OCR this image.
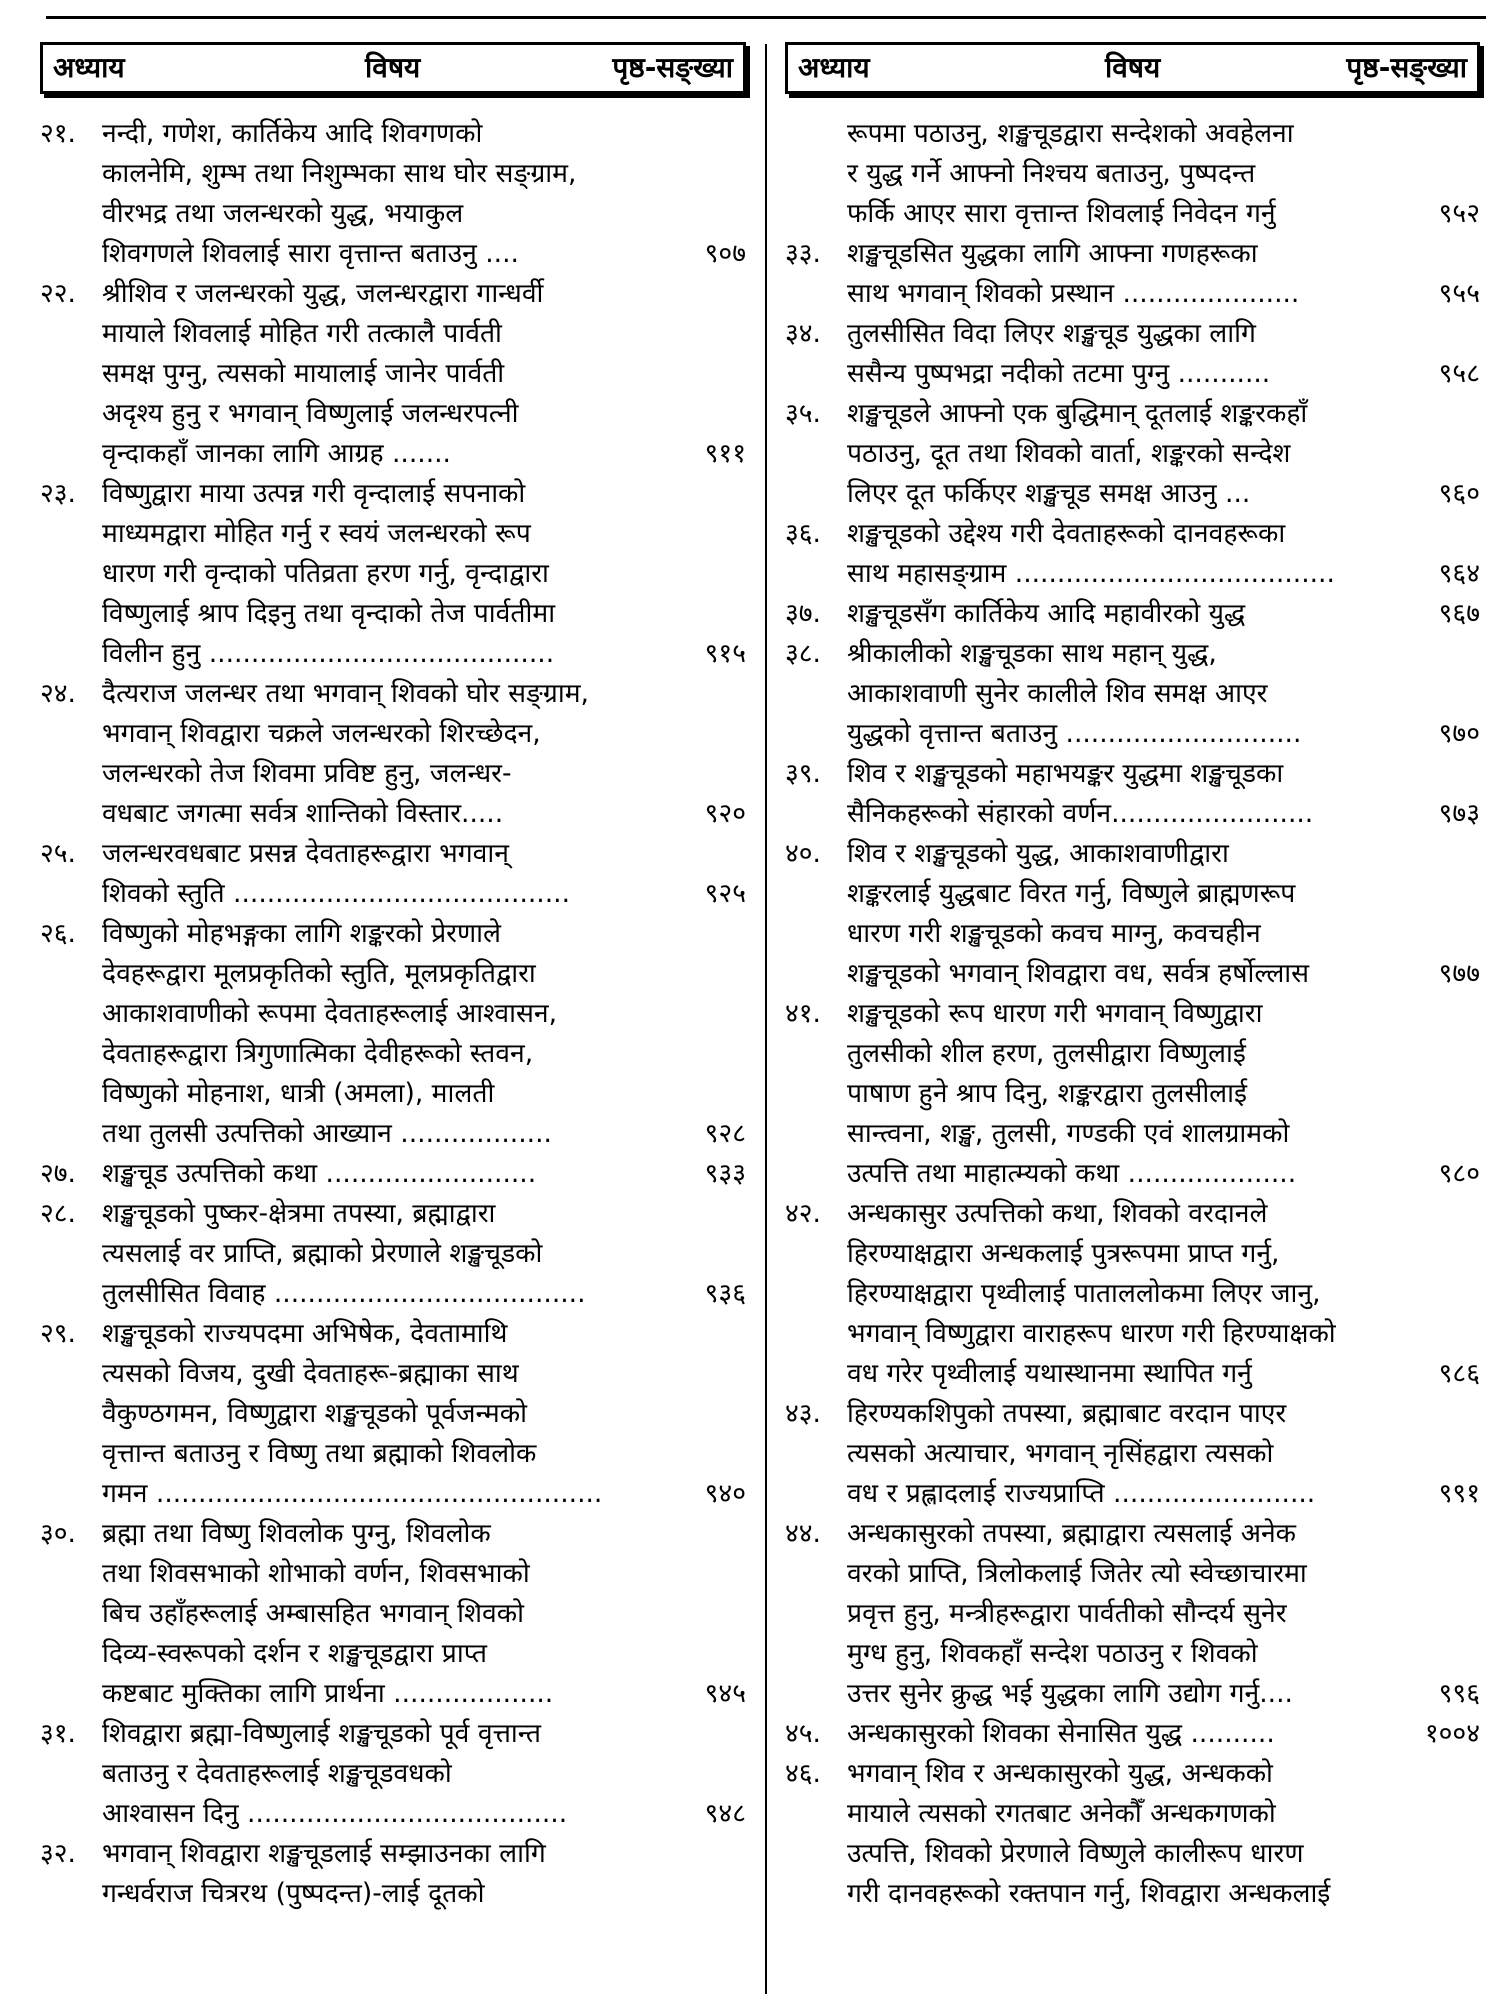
अध्याय	विषय	पृष्ठ-सङ्ख्या
२१. नन्दी, गणेश, कार्तिकेय आदि शिवगणको
कालनेमि, शुम्भ तथा निशुम्भका साथ घोर सङ्ग्राम,
वीरभद्र तथा जलन्धरको युद्ध, भयाकुल
शिवगणले शिवलाई सारा वृत्तान्त बताउनु ....	९०७
२२. श्रीशिव र जलन्धरको युद्ध, जलन्धरद्वारा गान्धर्वी
मायाले शिवलाई मोहित गरी तत्कालै पार्वती
समक्ष पुग्नु, त्यसको मायालाई जानेर पार्वती
अदृश्य हुनु र भगवान् विष्णुलाई जलन्धरपत्नी
वृन्दाकहाँ जानका लागि आग्रह .......	९११
२३. विष्णुद्वारा माया उत्पन्न गरी वृन्दालाई सपनाको
माध्यमद्वारा मोहित गर्नु र स्वयं जलन्धरको रूप
धारण गरी वृन्दाको पतिव्रता हरण गर्नु, वृन्दाद्वारा
विष्णुलाई श्राप दिइनु तथा वृन्दाको तेज पार्वतीमा
विलीन हुनु .........................................	९१५
२४. दैत्यराज जलन्धर तथा भगवान् शिवको घोर सङ्ग्राम,
भगवान् शिवद्वारा चक्रले जलन्धरको शिरच्छेदन,
जलन्धरको तेज शिवमा प्रविष्ट हुनु, जलन्धर-
वधबाट जगत्मा सर्वत्र शान्तिको विस्तार.....	९२०
२५. जलन्धरवधबाट प्रसन्न देवताहरूद्वारा भगवान्
शिवको स्तुति ........................................	९२५
२६. विष्णुको मोहभङ्गका लागि शङ्करको प्रेरणाले
देवहरूद्वारा मूलप्रकृतिको स्तुति, मूलप्रकृतिद्वारा
आकाशवाणीको रूपमा देवताहरूलाई आश्वासन,
देवताहरूद्वारा त्रिगुणात्मिका देवीहरूको स्तवन,
विष्णुको मोहनाश, धात्री (अमला), मालती
तथा तुलसी उत्पत्तिको आख्यान ..................	९२८
२७. शङ्खचूड उत्पत्तिको कथा .........................	९३३
२८. शङ्खचूडको पुष्कर-क्षेत्रमा तपस्या, ब्रह्माद्वारा
त्यसलाई वर प्राप्ति, ब्रह्माको प्रेरणाले शङ्खचूडको
तुलसीसित विवाह .....................................	९३६
२९. शङ्खचूडको राज्यपदमा अभिषेक, देवतामाथि
त्यसको विजय, दुखी देवताहरू-ब्रह्माका साथ
वैकुण्ठगमन, विष्णुद्वारा शङ्खचूडको पूर्वजन्मको
वृत्तान्त बताउनु र विष्णु तथा ब्रह्माको शिवलोक
गमन .....................................................	९४०
३०. ब्रह्मा तथा विष्णु शिवलोक पुग्नु, शिवलोक
तथा शिवसभाको शोभाको वर्णन, शिवसभाको
बिच उहाँहरूलाई अम्बासहित भगवान् शिवको
दिव्य-स्वरूपको दर्शन र शङ्खचूडद्वारा प्राप्त
कष्टबाट मुक्तिका लागि प्रार्थना ...................	९४५
३१. शिवद्वारा ब्रह्मा-विष्णुलाई शङ्खचूडको पूर्व वृत्तान्त
बताउनु र देवताहरूलाई शङ्खचूडवधको
आश्वासन दिनु ......................................	९४८
३२. भगवान् शिवद्वारा शङ्खचूडलाई सम्झाउनका लागि
गन्धर्वराज चित्ररथ (पुष्पदन्त)-लाई दूतको
अध्याय	विषय	पृष्ठ-सङ्ख्या
रूपमा पठाउनु, शङ्खचूडद्वारा सन्देशको अवहेलना
र युद्ध गर्ने आफ्नो निश्चय बताउनु, पुष्पदन्त
फर्कि आएर सारा वृत्तान्त शिवलाई निवेदन गर्नु	९५२
३३. शङ्खचूडसित युद्धका लागि आफ्ना गणहरूका
साथ भगवान् शिवको प्रस्थान .....................	९५५
३४. तुलसीसित विदा लिएर शङ्खचूड युद्धका लागि
ससैन्य पुष्पभद्रा नदीको तटमा पुग्नु ...........	९५८
३५. शङ्खचूडले आफ्नो एक बुद्धिमान् दूतलाई शङ्करकहाँ
पठाउनु, दूत तथा शिवको वार्ता, शङ्करको सन्देश
लिएर दूत फर्किएर शङ्खचूड समक्ष आउनु ...	९६०
३६. शङ्खचूडको उद्देश्य गरी देवताहरूको दानवहरूका
साथ महासङ्ग्राम ......................................	९६४
३७. शङ्खचूडसँग कार्तिकेय आदि महावीरको युद्ध	९६७
३८. श्रीकालीको शङ्खचूडका साथ महान् युद्ध,
आकाशवाणी सुनेर कालीले शिव समक्ष आएर
युद्धको वृत्तान्त बताउनु ............................	९७०
३९. शिव र शङ्खचूडको महाभयङ्कर युद्धमा शङ्खचूडका
सैनिकहरूको संहारको वर्णन........................	९७३
४०. शिव र शङ्खचूडको युद्ध, आकाशवाणीद्वारा
शङ्करलाई युद्धबाट विरत गर्नु, विष्णुले ब्राह्मणरूप
धारण गरी शङ्खचूडको कवच माग्नु, कवचहीन
शङ्खचूडको भगवान् शिवद्वारा वध, सर्वत्र हर्षोल्लास	९७७
४१. शङ्खचूडको रूप धारण गरी भगवान् विष्णुद्वारा
तुलसीको शील हरण, तुलसीद्वारा विष्णुलाई
पाषाण हुने श्राप दिनु, शङ्करद्वारा तुलसीलाई
सान्त्वना, शङ्ख, तुलसी, गण्डकी एवं शालग्रामको
उत्पत्ति तथा माहात्म्यको कथा ....................	९८०
४२. अन्धकासुर उत्पत्तिको कथा, शिवको वरदानले
हिरण्याक्षद्वारा अन्धकलाई पुत्ररूपमा प्राप्त गर्नु,
हिरण्याक्षद्वारा पृथ्वीलाई पाताललोकमा लिएर जानु,
भगवान् विष्णुद्वारा वाराहरूप धारण गरी हिरण्याक्षको
वध गरेर पृथ्वीलाई यथास्थानमा स्थापित गर्नु	९८६
४३. हिरण्यकशिपुको तपस्या, ब्रह्माबाट वरदान पाएर
त्यसको अत्याचार, भगवान् नृसिंहद्वारा त्यसको
वध र प्रह्लादलाई राज्यप्राप्ति ........................	९९१
४४. अन्धकासुरको तपस्या, ब्रह्माद्वारा त्यसलाई अनेक
वरको प्राप्ति, त्रिलोकलाई जितेर त्यो स्वेच्छाचारमा
प्रवृत्त हुनु, मन्त्रीहरूद्वारा पार्वतीको सौन्दर्य सुनेर
मुग्ध हुनु, शिवकहाँ सन्देश पठाउनु र शिवको
उत्तर सुनेर क्रुद्ध भई युद्धका लागि उद्योग गर्नु....	९९६
४५. अन्धकासुरको शिवका सेनासित युद्ध ..........	१००४
४६. भगवान् शिव र अन्धकासुरको युद्ध, अन्धकको
मायाले त्यसको रगतबाट अनेकौँ अन्धकगणको
उत्पत्ति, शिवको प्रेरणाले विष्णुले कालीरूप धारण
गरी दानवहरूको रक्तपान गर्नु, शिवद्वारा अन्धकलाई
